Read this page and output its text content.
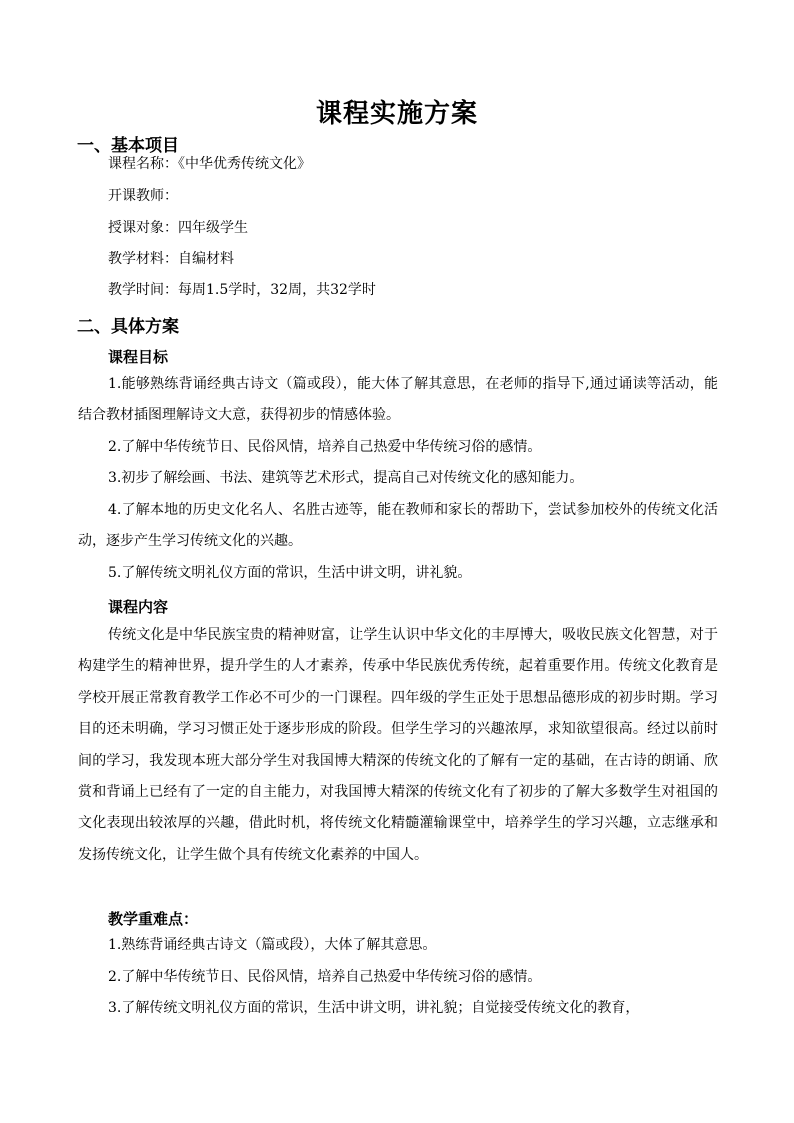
课程实施方案
一、基本项目
课程名称：《中华优秀传统文化》
开课教师：
授课对象：四年级学生
教学材料：自编材料
教学时间：每周1.5学时，32周，共32学时
二、具体方案
课程目标
1.能够熟练背诵经典古诗文（篇或段），能大体了解其意思，在老师的指导下,通过诵读等活动，能结合教材插图理解诗文大意，获得初步的情感体验。
2.了解中华传统节日、民俗风情，培养自己热爱中华传统习俗的感情。
3.初步了解绘画、书法、建筑等艺术形式，提高自己对传统文化的感知能力。
4.了解本地的历史文化名人、名胜古迹等，能在教师和家长的帮助下，尝试参加校外的传统文化活动，逐步产生学习传统文化的兴趣。
5.了解传统文明礼仪方面的常识，生活中讲文明，讲礼貌。
课程内容
传统文化是中华民族宝贵的精神财富，让学生认识中华文化的丰厚博大，吸收民族文化智慧，对于构建学生的精神世界，提升学生的人才素养，传承中华民族优秀传统，起着重要作用。传统文化教育是学校开展正常教育教学工作必不可少的一门课程。四年级的学生正处于思想品德形成的初步时期。学习目的还未明确，学习习惯正处于逐步形成的阶段。但学生学习的兴趣浓厚，求知欲望很高。经过以前时间的学习，我发现本班大部分学生对我国博大精深的传统文化的了解有一定的基础，在古诗的朗诵、欣赏和背诵上已经有了一定的自主能力，对我国博大精深的传统文化有了初步的了解大多数学生对祖国的文化表现出较浓厚的兴趣，借此时机，将传统文化精髓灌输课堂中，培养学生的学习兴趣，立志继承和发扬传统文化，让学生做个具有传统文化素养的中国人。
教学重难点：
1.熟练背诵经典古诗文（篇或段），大体了解其意思。
2.了解中华传统节日、民俗风情，培养自己热爱中华传统习俗的感情。
3.了解传统文明礼仪方面的常识，生活中讲文明，讲礼貌；自觉接受传统文化的教育，
